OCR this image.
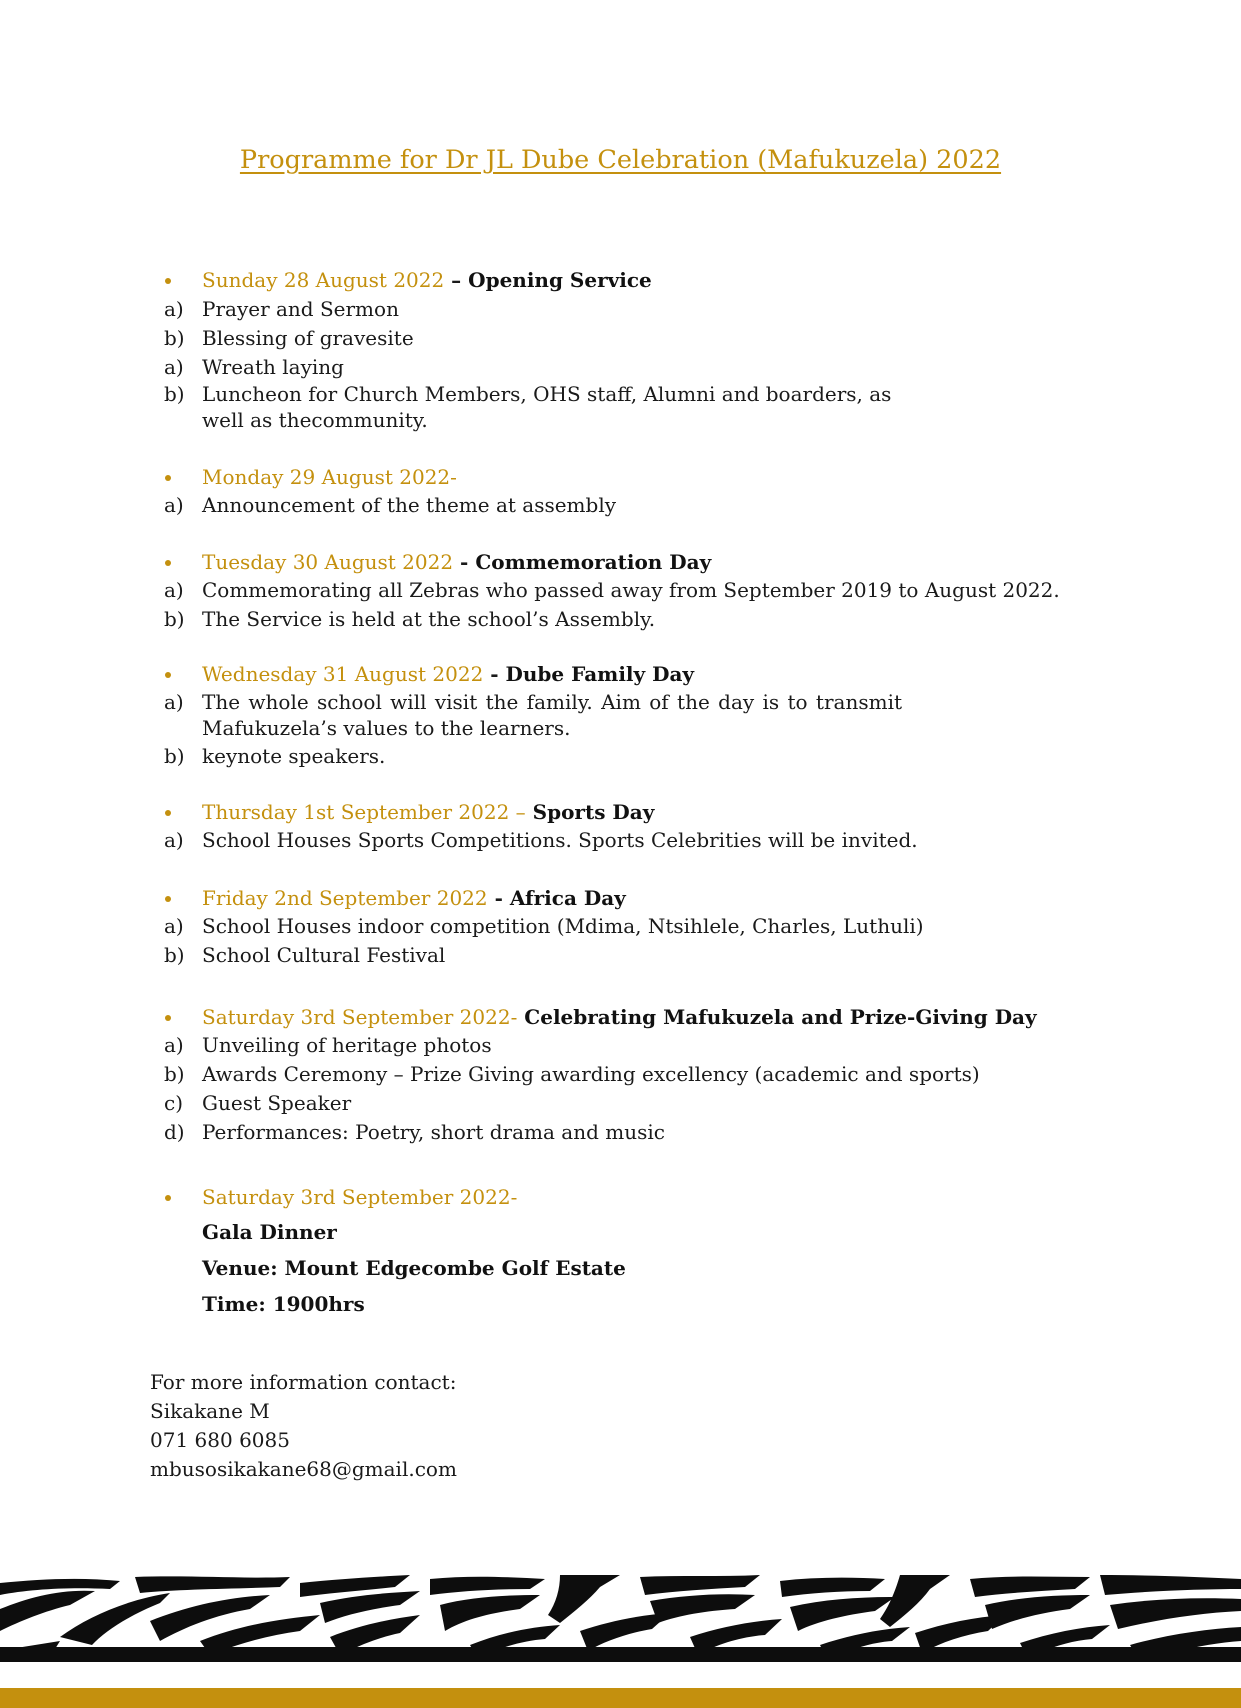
Programme for Dr JL Dube Celebration (Mafukuzela) 2022
Sunday 28 August 2022 – Opening Service
a) Prayer and Sermon
b) Blessing of gravesite
a) Wreath laying
b) Luncheon for Church Members, OHS staff, Alumni and boarders, as well as thecommunity.
Monday 29 August 2022-
a) Announcement of the theme at assembly
Tuesday 30 August 2022 - Commemoration Day
a) Commemorating all Zebras who passed away from September 2019 to August 2022.
b) The Service is held at the school’s Assembly.
Wednesday 31 August 2022 - Dube Family Day
a) The whole school will visit the family. Aim of the day is to transmit Mafukuzela’s values to the learners.
b) keynote speakers.
Thursday 1st September 2022 – Sports Day
a) School Houses Sports Competitions. Sports Celebrities will be invited.
Friday 2nd September 2022 - Africa Day
a) School Houses indoor competition (Mdima, Ntsihlele, Charles, Luthuli)
b) School Cultural Festival
Saturday 3rd September 2022- Celebrating Mafukuzela and Prize-Giving Day
a) Unveiling of heritage photos
b) Awards Ceremony – Prize Giving awarding excellency (academic and sports)
c) Guest Speaker
d) Performances: Poetry, short drama and music
Saturday 3rd September 2022-
Gala Dinner
Venue: Mount Edgecombe Golf Estate
Time: 1900hrs
For more information contact:
Sikakane M
071 680 6085
mbusosikakane68@gmail.com
